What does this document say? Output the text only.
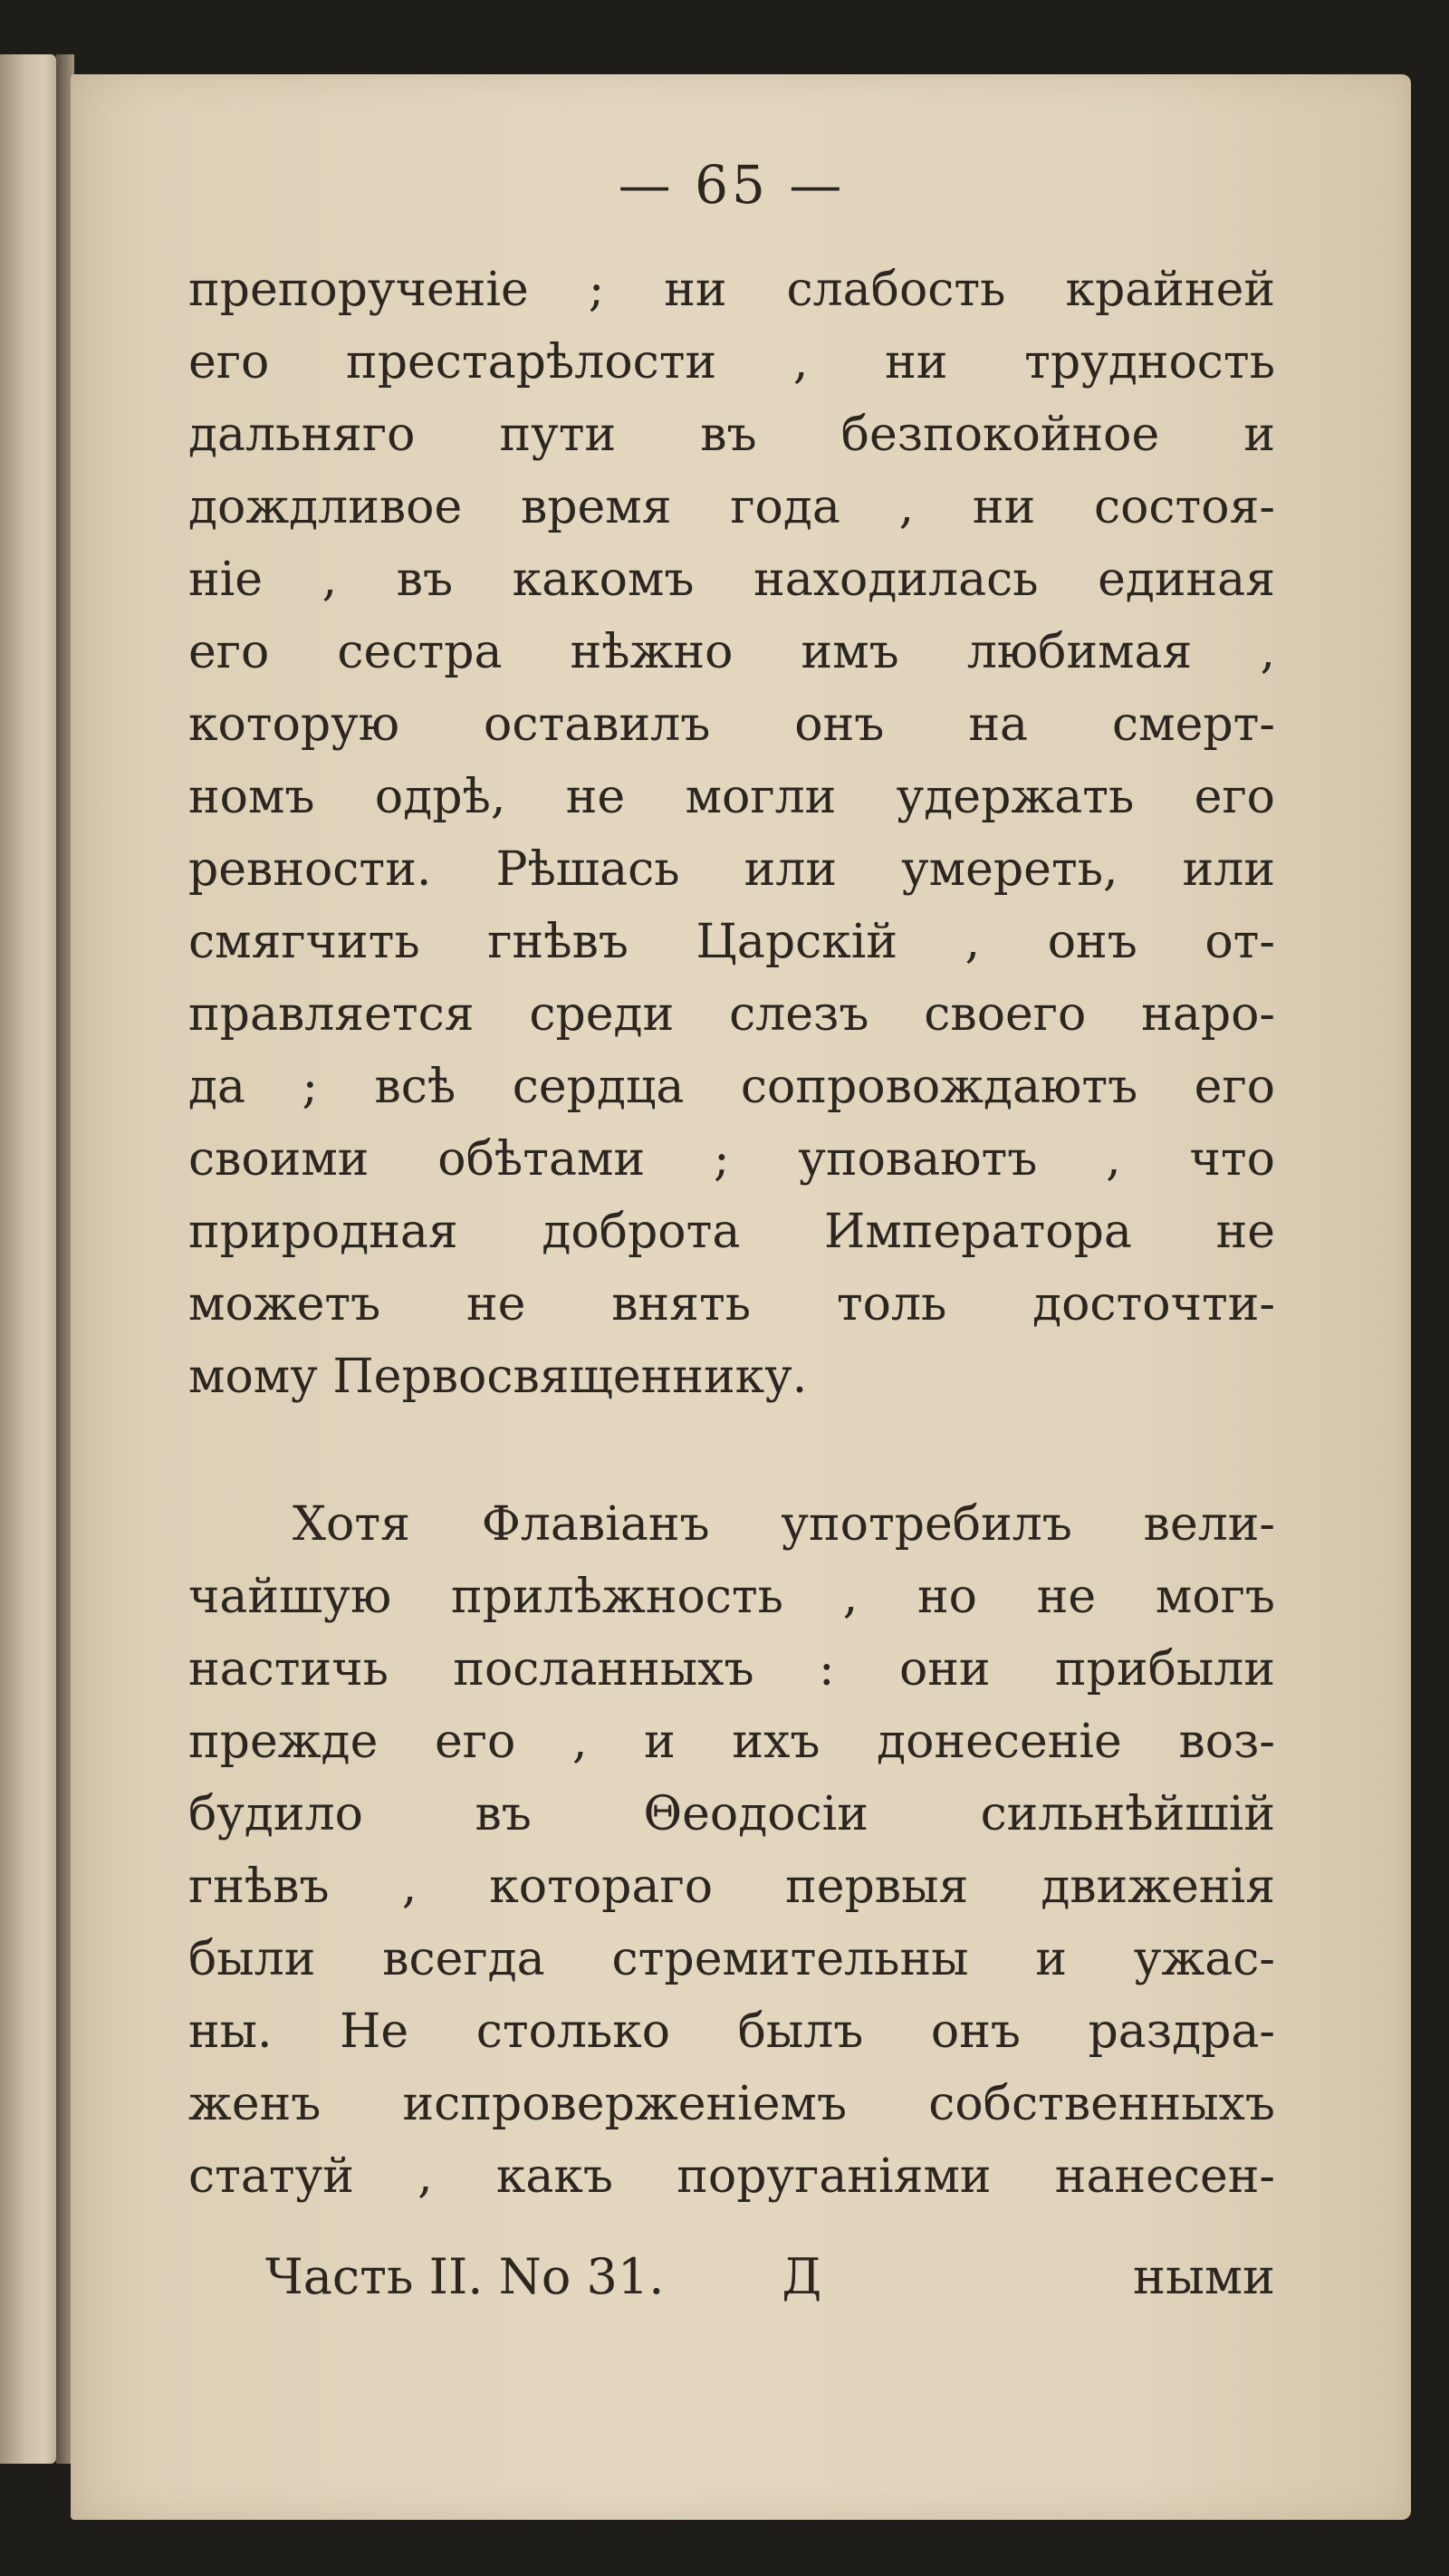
— 65 —
препорученіе ; ни слабость крайней
его престарѣлости , ни трудность
дальняго пути въ безпокойное и
дождливое время года , ни состоя-
ніе , въ какомъ находилась единая
его сестра нѣжно имъ любимая ,
которую оставилъ онъ на смерт-
номъ одрѣ, не могли удержать его
ревности. Рѣшась или умереть, или
смягчить гнѣвъ Царскій , онъ от-
правляется среди слезъ своего наро-
да ; всѣ сердца сопровождаютъ его
своими обѣтами ; уповаютъ , что
природная доброта Императора не
можетъ не внять толь досточти-
мому Первосвященнику.
Хотя Флавіанъ употребилъ вели-
чайшую прилѣжность , но не могъ
настичь посланныхъ : они прибыли
прежде его , и ихъ донесеніе воз-
будило въ Θеодосіи сильнѣйшій
гнѣвъ , котораго первыя движенія
были всегда стремительны и ужас-
ны. Не столько былъ онъ раздра-
женъ испровержeніемъ собственныхъ
статуй , какъ поруганіями нанесен-
Часть II. No 31. Д	ными
